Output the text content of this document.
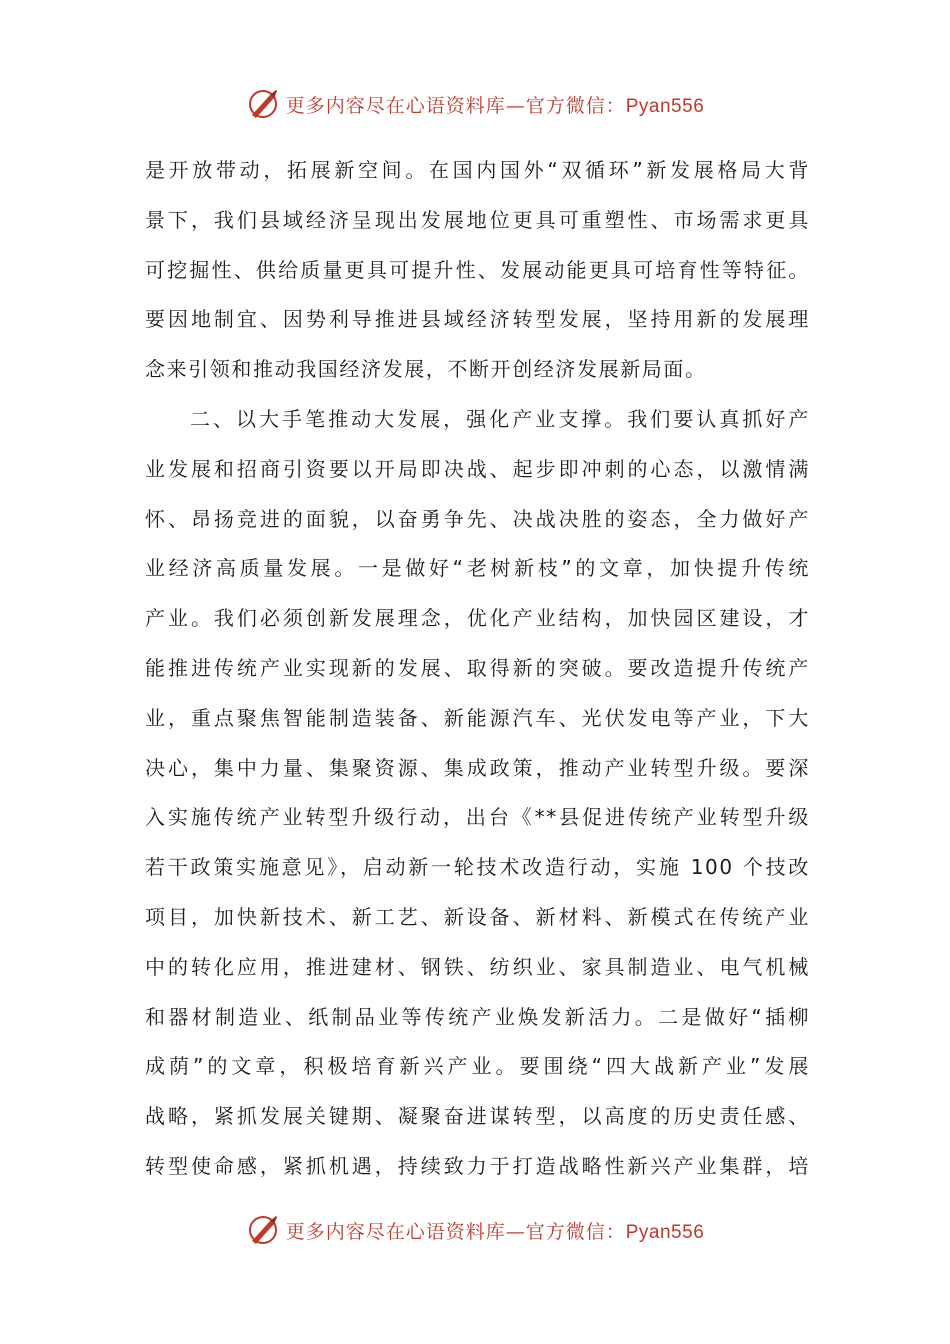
更多内容尽在心语资料库—官方微信：Pyan556
是开放带动，拓展新空间。在国内国外“双循环”新发展格局大背
景下，我们县域经济呈现出发展地位更具可重塑性、市场需求更具
可挖掘性、供给质量更具可提升性、发展动能更具可培育性等特征。
要因地制宜、因势利导推进县域经济转型发展，坚持用新的发展理
念来引领和推动我国经济发展，不断开创经济发展新局面。
二、以大手笔推动大发展，强化产业支撑。我们要认真抓好产
业发展和招商引资要以开局即决战、起步即冲刺的心态，以激情满
怀、昂扬竞进的面貌，以奋勇争先、决战决胜的姿态，全力做好产
业经济高质量发展。一是做好“老树新枝”的文章，加快提升传统
产业。我们必须创新发展理念，优化产业结构，加快园区建设，才
能推进传统产业实现新的发展、取得新的突破。要改造提升传统产
业，重点聚焦智能制造装备、新能源汽车、光伏发电等产业，下大
决心，集中力量、集聚资源、集成政策，推动产业转型升级。要深
入实施传统产业转型升级行动，出台《**县促进传统产业转型升级
若干政策实施意见》，启动新一轮技术改造行动，实施 100 个技改
项目，加快新技术、新工艺、新设备、新材料、新模式在传统产业
中的转化应用，推进建材、钢铁、纺织业、家具制造业、电气机械
和器材制造业、纸制品业等传统产业焕发新活力。二是做好“插柳
成荫”的文章，积极培育新兴产业。要围绕“四大战新产业”发展
战略，紧抓发展关键期、凝聚奋进谋转型，以高度的历史责任感、
转型使命感，紧抓机遇，持续致力于打造战略性新兴产业集群，培
更多内容尽在心语资料库—官方微信：Pyan556
